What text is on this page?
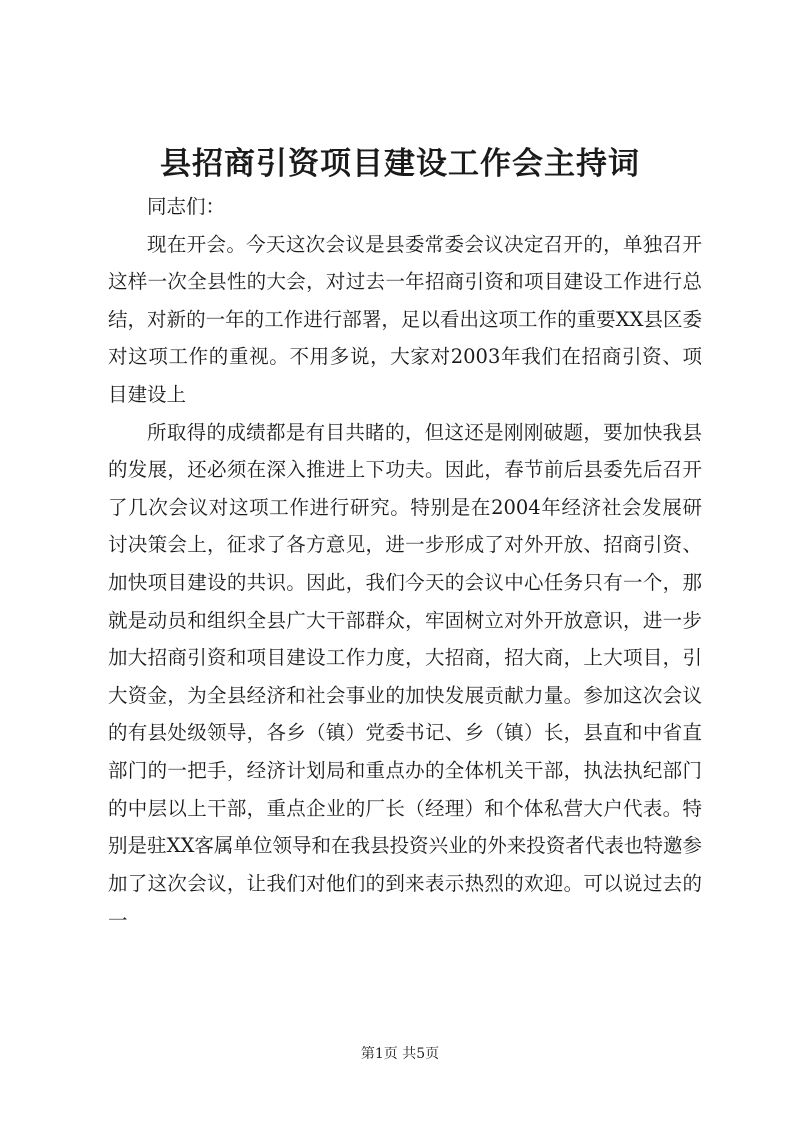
县招商引资项目建设工作会主持词

同志们：

现在开会。今天这次会议是县委常委会议决定召开的，单独召开这样一次全县性的大会，对过去一年招商引资和项目建设工作进行总结，对新的一年的工作进行部署，足以看出这项工作的重要XX县区委对这项工作的重视。不用多说，大家对2003年我们在招商引资、项目建设上

所取得的成绩都是有目共睹的，但这还是刚刚破题，要加快我县的发展，还必须在深入推进上下功夫。因此，春节前后县委先后召开了几次会议对这项工作进行研究。特别是在2004年经济社会发展研讨决策会上，征求了各方意见，进一步形成了对外开放、招商引资、加快项目建设的共识。因此，我们今天的会议中心任务只有一个，那就是动员和组织全县广大干部群众，牢固树立对外开放意识，进一步加大招商引资和项目建设工作力度，大招商，招大商，上大项目，引大资金，为全县经济和社会事业的加快发展贡献力量。参加这次会议的有县处级领导，各乡（镇）党委书记、乡（镇）长，县直和中省直部门的一把手，经济计划局和重点办的全体机关干部，执法执纪部门的中层以上干部，重点企业的厂长（经理）和个体私营大户代表。特别是驻XX客属单位领导和在我县投资兴业的外来投资者代表也特邀参加了这次会议，让我们对他们的到来表示热烈的欢迎。可以说过去的一

第1页 共5页
